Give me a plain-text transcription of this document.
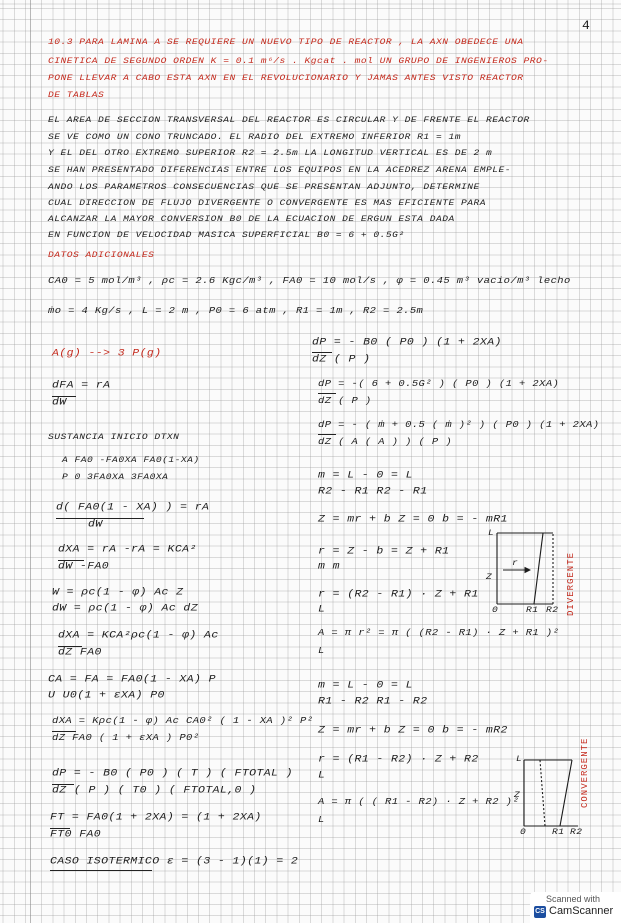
4
10.3 PARA LAMINA A SE REQUIERE UN NUEVO TIPO DE REACTOR , LA AXN OBEDECE UNA
CINETICA DE SEGUNDO ORDEN K = 0.1 m⁶/s . Kgcat . mol UN GRUPO DE INGENIEROS PRO-
PONE LLEVAR A CABO ESTA AXN EN EL REVOLUCIONARIO Y JAMAS ANTES VISTO REACTOR
DE TABLAS
EL AREA DE SECCION TRANSVERSAL DEL REACTOR ES CIRCULAR Y DE FRENTE EL REACTOR
SE VE COMO UN CONO TRUNCADO. EL RADIO DEL EXTREMO INFERIOR R1 = 1m
Y EL DEL OTRO EXTREMO SUPERIOR R2 = 2.5m LA LONGITUD VERTICAL ES DE 2 m
SE HAN PRESENTADO DIFERENCIAS ENTRE LOS EQUIPOS EN LA ACEDREZ ARENA EMPLE-
ANDO LOS PARAMETROS CONSECUENCIAS QUE SE PRESENTAN ADJUNTO, DETERMINE
CUAL DIRECCION DE FLUJO DIVERGENTE O CONVERGENTE ES MAS EFICIENTE PARA
ALCANZAR LA MAYOR CONVERSION B0 DE LA ECUACION DE ERGUN ESTA DADA
EN FUNCION DE VELOCIDAD MASICA SUPERFICIAL B0 = 6 + 0.5G²
DATOS ADICIONALES
CA0 = 5 mol/m³ , ρc = 2.6 Kgc/m³ , FA0 = 10 mol/s , φ = 0.45 m³ vacio/m³ lecho
ṁo = 4 Kg/s , L = 2 m , P0 = 6 atm , R1 = 1m , R2 = 2.5m
A(g) --> 3 P(g)
dFA = rA
dW
SUSTANCIA INICIO DTXN
A FA0 -FA0XA FA0(1-XA)
P 0 3FA0XA 3FA0XA
d( FA0(1 - XA) ) = rA
dW
dXA = rA -rA = KCA²
dW -FA0
W = ρc(1 - φ) Ac Z
dW = ρc(1 - φ) Ac dZ
dXA = KCA²ρc(1 - φ) Ac
dZ FA0
CA = FA = FA0(1 - XA) P
U U0(1 + εXA) P0
dXA = Kρc(1 - φ) Ac CA0² ( 1 - XA )² P²
dZ FA0 ( 1 + εXA ) P0²
dP = - B0 ( P0 ) ( T ) ( FTOTAL )
dZ ( P ) ( T0 ) ( FTOTAL,0 )
FT = FA0(1 + 2XA) = (1 + 2XA)
FT0 FA0
CASO ISOTERMICO ε = (3 - 1)(1) = 2
dP = - B0 ( P0 ) (1 + 2XA)
dZ ( P )
dP = -( 6 + 0.5G² ) ( P0 ) (1 + 2XA)
dZ ( P )
dP = - ( ṁ + 0.5 ( ṁ )² ) ( P0 ) (1 + 2XA)
dZ ( A ( A ) ) ( P )
m = L - 0 = L
R2 - R1 R2 - R1
Z = mr + b Z = 0 b = - mR1
r = Z - b = Z + R1
m m
r = (R2 - R1) · Z + R1
L
A = π r² = π ( (R2 - R1) · Z + R1 )²
L
m = L - 0 = L
R1 - R2 R1 - R2
Z = mr + b Z = 0 b = - mR2
r = (R1 - R2) · Z + R2
L
A = π ( ( R1 - R2) · Z + R2 )²
L
L
Z
r
0	R1 R2 DIVERGENTE
L
Z
0	R1 R2
CONVERGENTE
Scanned with
CS CamScanner
